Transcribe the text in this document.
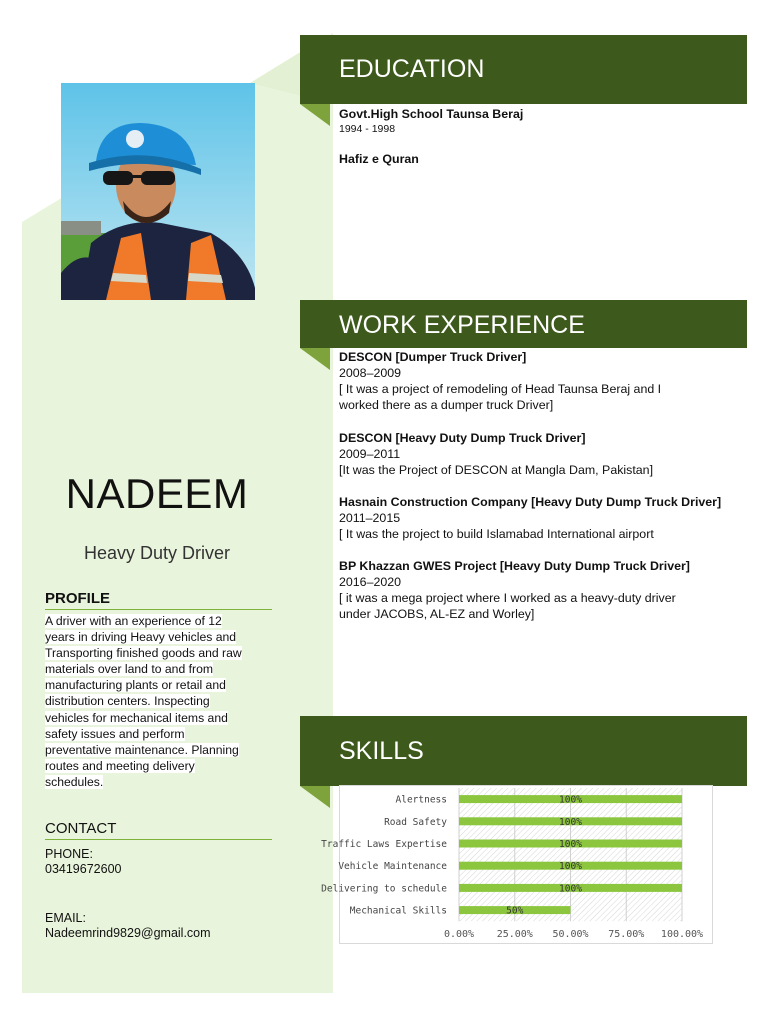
NADEEM
Heavy Duty Driver
PROFILE
A driver with an experience of 12
years in driving Heavy vehicles and
Transporting finished goods and raw
materials over land to and from
manufacturing plants or retail and
distribution centers. Inspecting
vehicles for mechanical items and
safety issues and perform
preventative maintenance. Planning
routes and meeting delivery
schedules.
CONTACT
PHONE:
03419672600
EMAIL:
Nadeemrind9829@gmail.com
EDUCATION
Govt.High School Taunsa Beraj
1994 - 1998
Hafiz e Quran
WORK EXPERIENCE
DESCON [Dumper Truck Driver]
2008–2009
[ It was a project of remodeling of Head Taunsa Beraj and I
worked there as a dumper truck Driver]
DESCON [Heavy Duty Dump Truck Driver]
2009–2011
[It was the Project of DESCON at Mangla Dam, Pakistan]
Hasnain Construction Company [Heavy Duty Dump Truck Driver]
2011–2015
[ It was the project to build Islamabad International airport
BP Khazzan GWES Project [Heavy Duty Dump Truck Driver]
2016–2020
[ it was a mega project where I worked as a heavy-duty driver
under JACOBS, AL-EZ and Worley]
SKILLS
0.00% 25.00% 50.00% 75.00% 100.00%
Alertness	100%
Road Safety	100%
Traffic Laws Expertise	100%
Vehicle Maintenance	100%
Delivering to schedule	100%
Mechanical Skills	50%
